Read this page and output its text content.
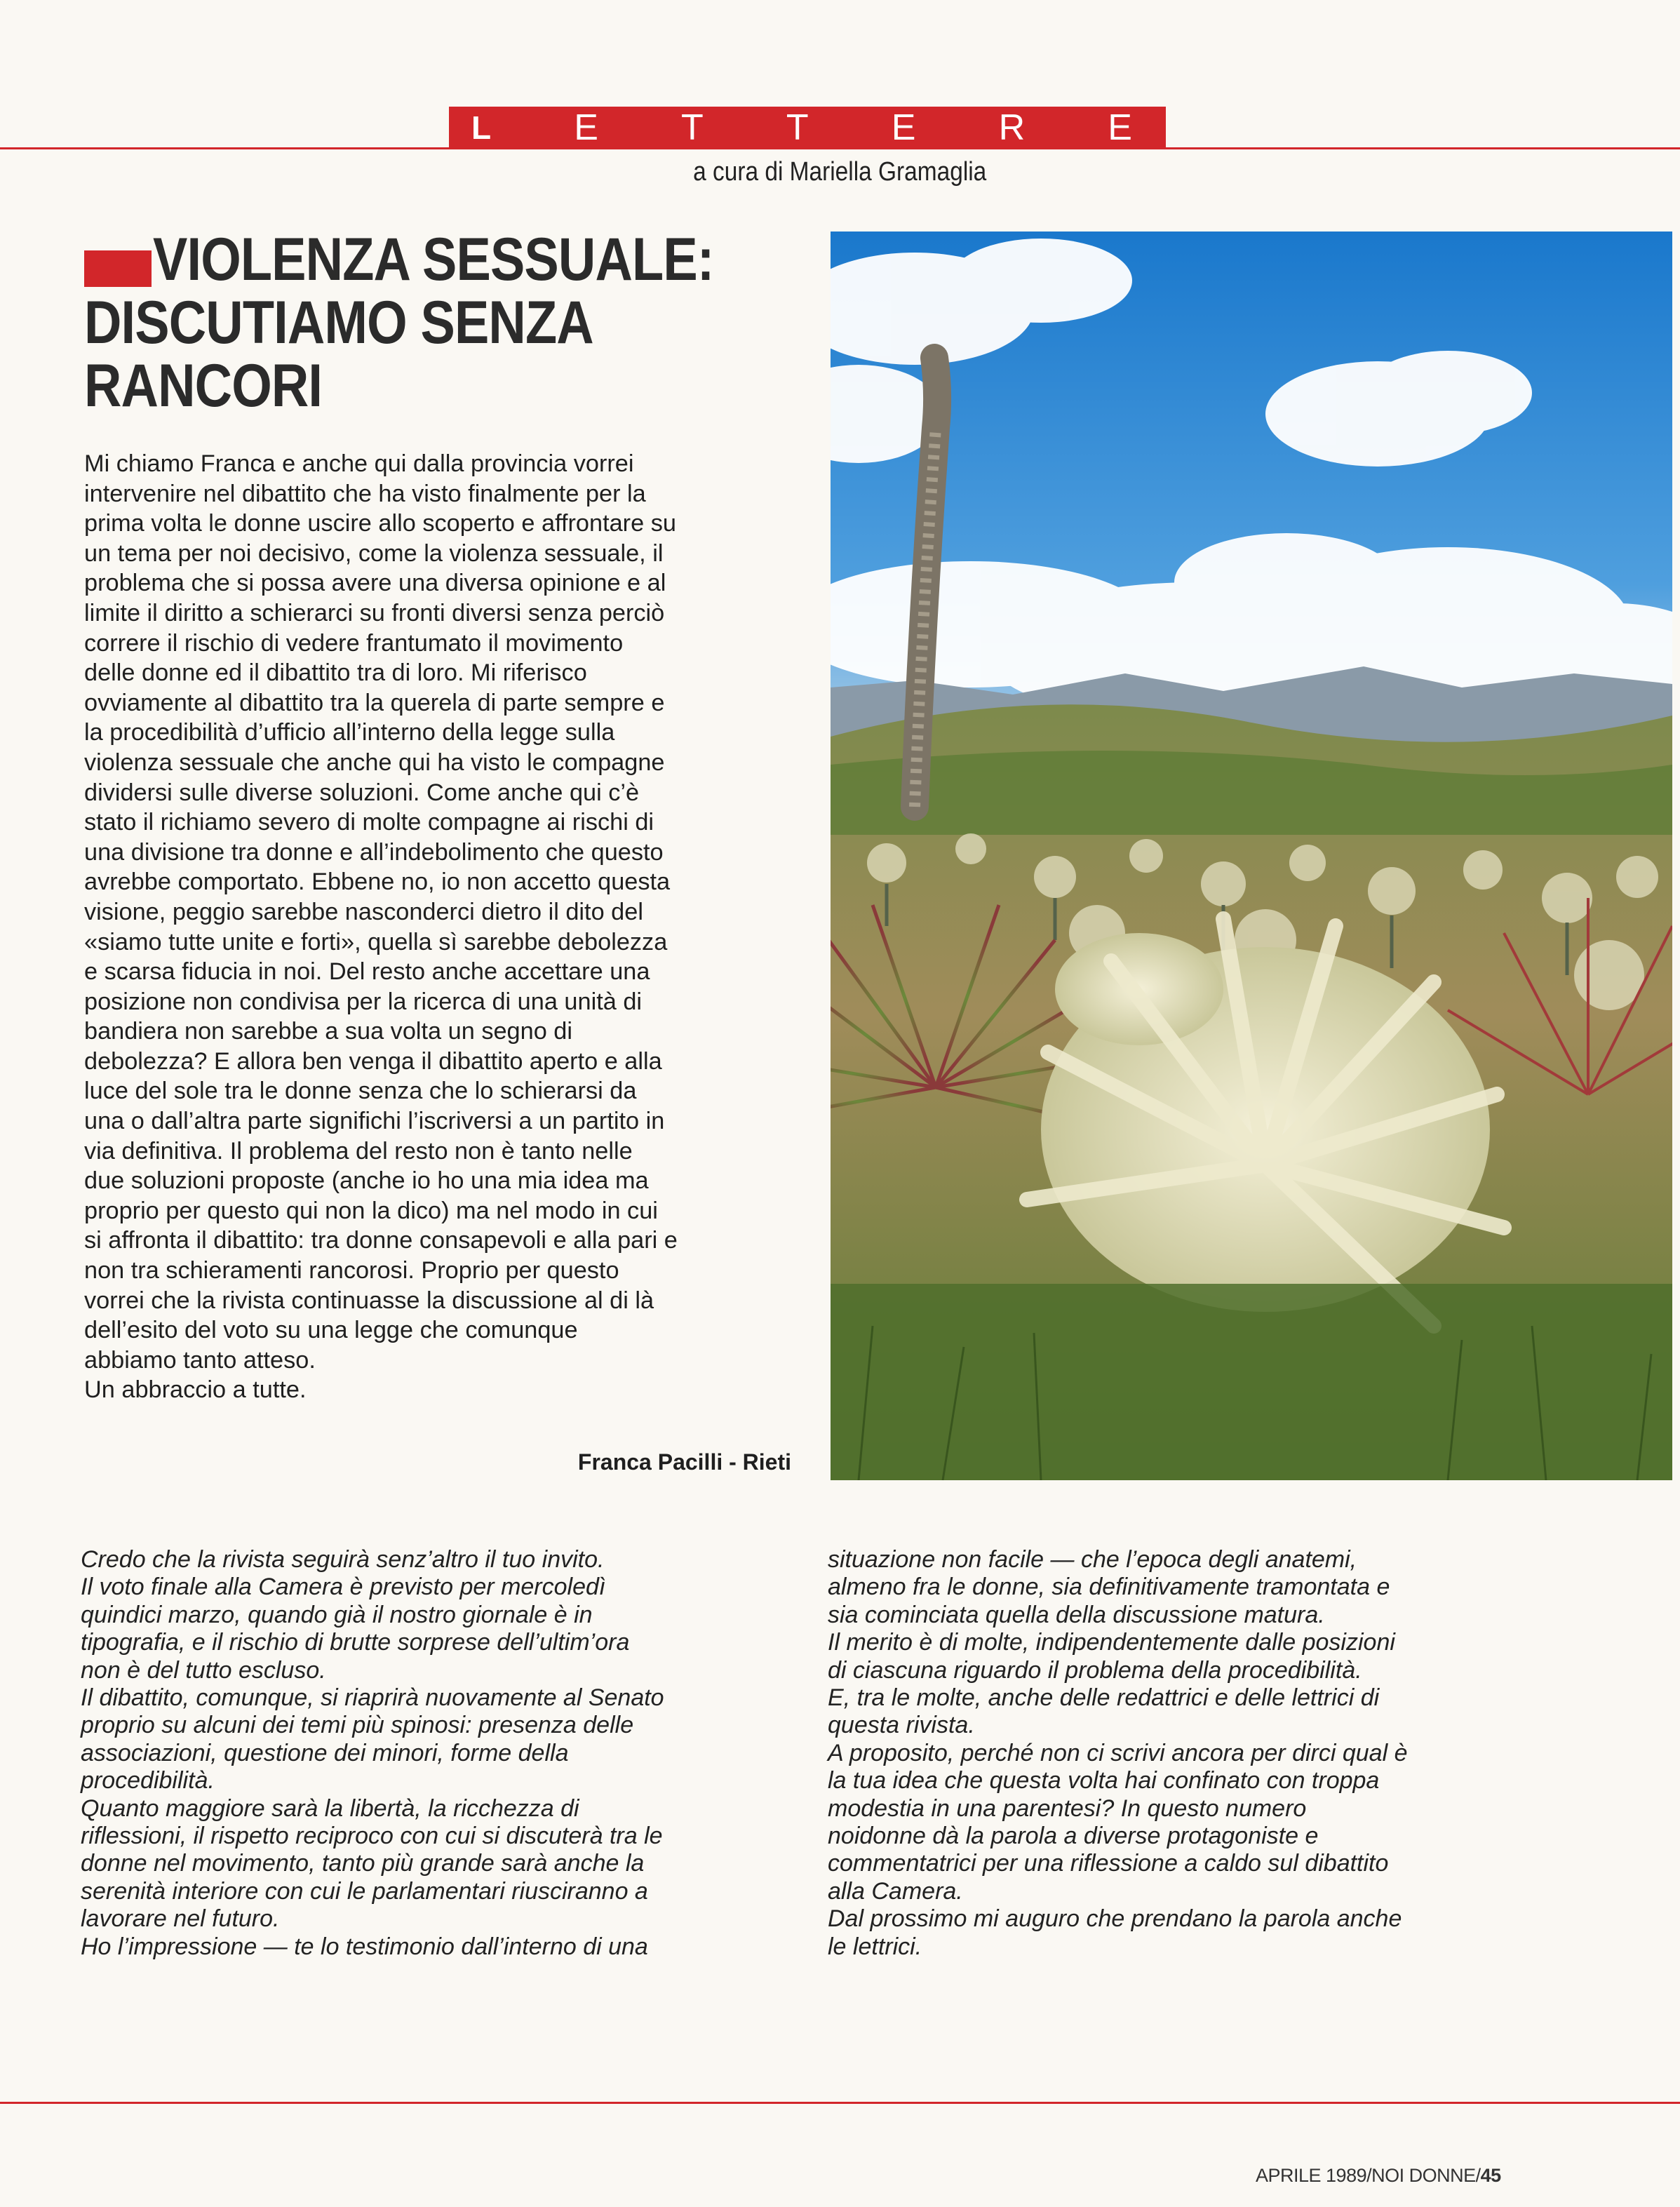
L E T T E R E
a cura di Mariella Gramaglia
VIOLENZA SESSUALE: DISCUTIAMO SENZA RANCORI

Mi chiamo Franca e anche qui dalla provincia vorrei
intervenire nel dibattito che ha visto finalmente per la
prima volta le donne uscire allo scoperto e affrontare su
un tema per noi decisivo, come la violenza sessuale, il
problema che si possa avere una diversa opinione e al
limite il diritto a schierarci su fronti diversi senza perciò
correre il rischio di vedere frantumato il movimento
delle donne ed il dibattito tra di loro. Mi riferisco
ovviamente al dibattito tra la querela di parte sempre e
la procedibilità d’ufficio all’interno della legge sulla
violenza sessuale che anche qui ha visto le compagne
dividersi sulle diverse soluzioni. Come anche qui c’è
stato il richiamo severo di molte compagne ai rischi di
una divisione tra donne e all’indebolimento che questo
avrebbe comportato. Ebbene no, io non accetto questa
visione, peggio sarebbe nasconderci dietro il dito del
«siamo tutte unite e forti», quella sì sarebbe debolezza
e scarsa fiducia in noi. Del resto anche accettare una
posizione non condivisa per la ricerca di una unità di
bandiera non sarebbe a sua volta un segno di
debolezza? E allora ben venga il dibattito aperto e alla
luce del sole tra le donne senza che lo schierarsi da
una o dall’altra parte significhi l’iscriversi a un partito in
via definitiva. Il problema del resto non è tanto nelle
due soluzioni proposte (anche io ho una mia idea ma
proprio per questo qui non la dico) ma nel modo in cui
si affronta il dibattito: tra donne consapevoli e alla pari e
non tra schieramenti rancorosi. Proprio per questo
vorrei che la rivista continuasse la discussione al di là
dell’esito del voto su una legge che comunque
abbiamo tanto atteso.
Un abbraccio a tutte.

Franca Pacilli - Rieti

Credo che la rivista seguirà senz’altro il tuo invito.
Il voto finale alla Camera è previsto per mercoledì
quindici marzo, quando già il nostro giornale è in
tipografia, e il rischio di brutte sorprese dell’ultim’ora
non è del tutto escluso.
Il dibattito, comunque, si riaprirà nuovamente al Senato
proprio su alcuni dei temi più spinosi: presenza delle
associazioni, questione dei minori, forme della
procedibilità.
Quanto maggiore sarà la libertà, la ricchezza di
riflessioni, il rispetto reciproco con cui si discuterà tra le
donne nel movimento, tanto più grande sarà anche la
serenità interiore con cui le parlamentari riusciranno a
lavorare nel futuro.
Ho l’impressione — te lo testimonio dall’interno di una

situazione non facile — che l’epoca degli anatemi,
almeno fra le donne, sia definitivamente tramontata e
sia cominciata quella della discussione matura.
Il merito è di molte, indipendentemente dalle posizioni
di ciascuna riguardo il problema della procedibilità.
E, tra le molte, anche delle redattrici e delle lettrici di
questa rivista.
A proposito, perché non ci scrivi ancora per dirci qual è
la tua idea che questa volta hai confinato con troppa
modestia in una parentesi? In questo numero
noidonne dà la parola a diverse protagoniste e
commentatrici per una riflessione a caldo sul dibattito
alla Camera.
Dal prossimo mi auguro che prendano la parola anche
le lettrici.

APRILE 1989/NOI DONNE/45
